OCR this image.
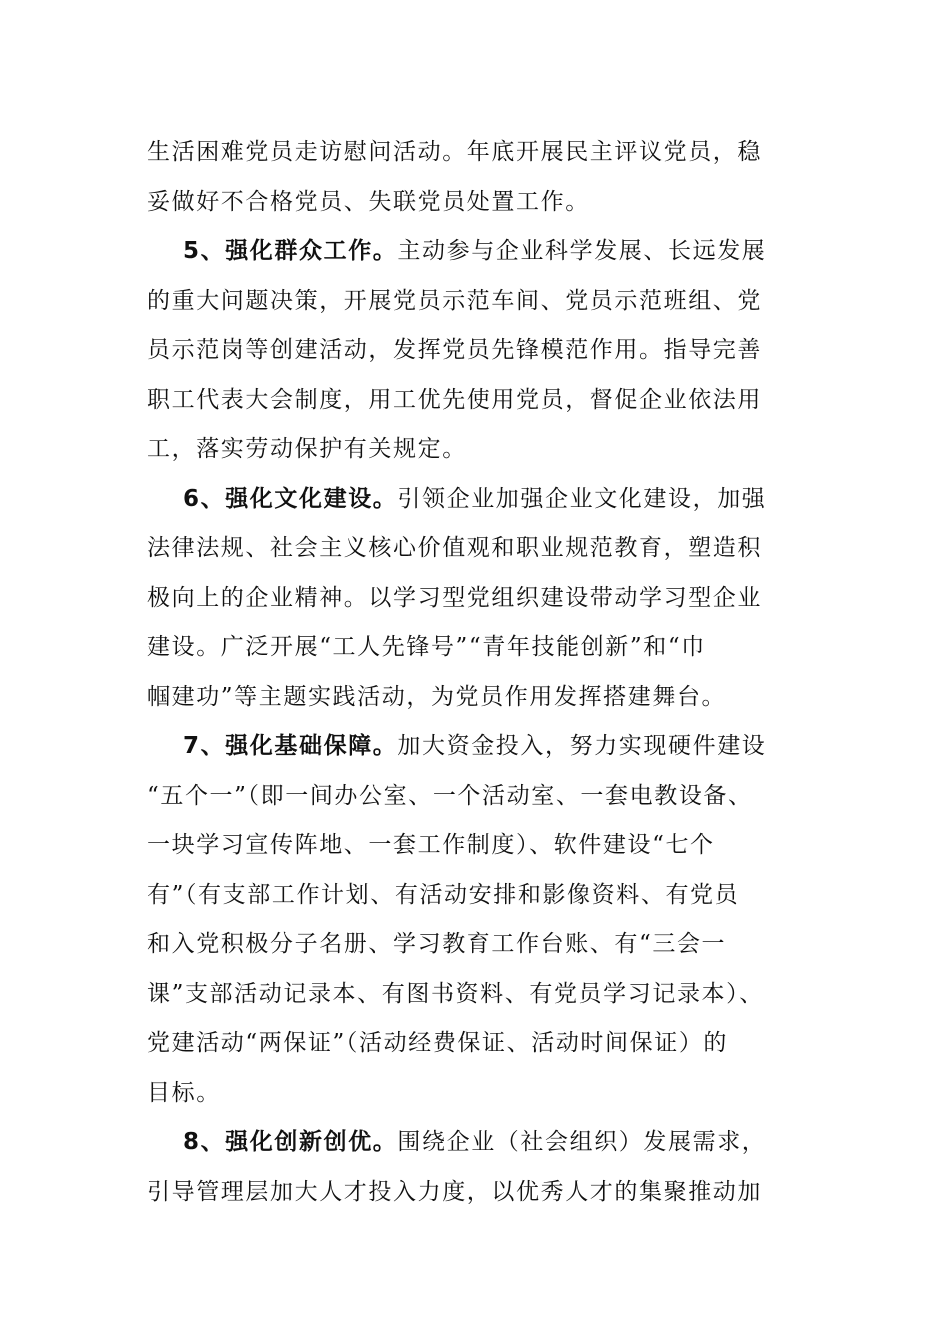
生活困难党员走访慰问活动。年底开展民主评议党员，稳
妥做好不合格党员、失联党员处置工作。
5、强化群众工作。主动参与企业科学发展、长远发展
的重大问题决策，开展党员示范车间、党员示范班组、党
员示范岗等创建活动，发挥党员先锋模范作用。指导完善
职工代表大会制度，用工优先使用党员，督促企业依法用
工，落实劳动保护有关规定。
6、强化文化建设。引领企业加强企业文化建设，加强
法律法规、社会主义核心价值观和职业规范教育，塑造积
极向上的企业精神。以学习型党组织建设带动学习型企业
建设。广泛开展“工人先锋号”“青年技能创新”和“巾
帼建功”等主题实践活动，为党员作用发挥搭建舞台。
7、强化基础保障。加大资金投入，努力实现硬件建设
“五个一”（即一间办公室、一个活动室、一套电教设备、
一块学习宣传阵地、一套工作制度）、软件建设“七个
有”（有支部工作计划、有活动安排和影像资料、有党员
和入党积极分子名册、学习教育工作台账、有“三会一
课”支部活动记录本、有图书资料、有党员学习记录本）、
党建活动“两保证”（活动经费保证、活动时间保证）的
目标。
8、强化创新创优。围绕企业（社会组织）发展需求，
引导管理层加大人才投入力度，以优秀人才的集聚推动加
